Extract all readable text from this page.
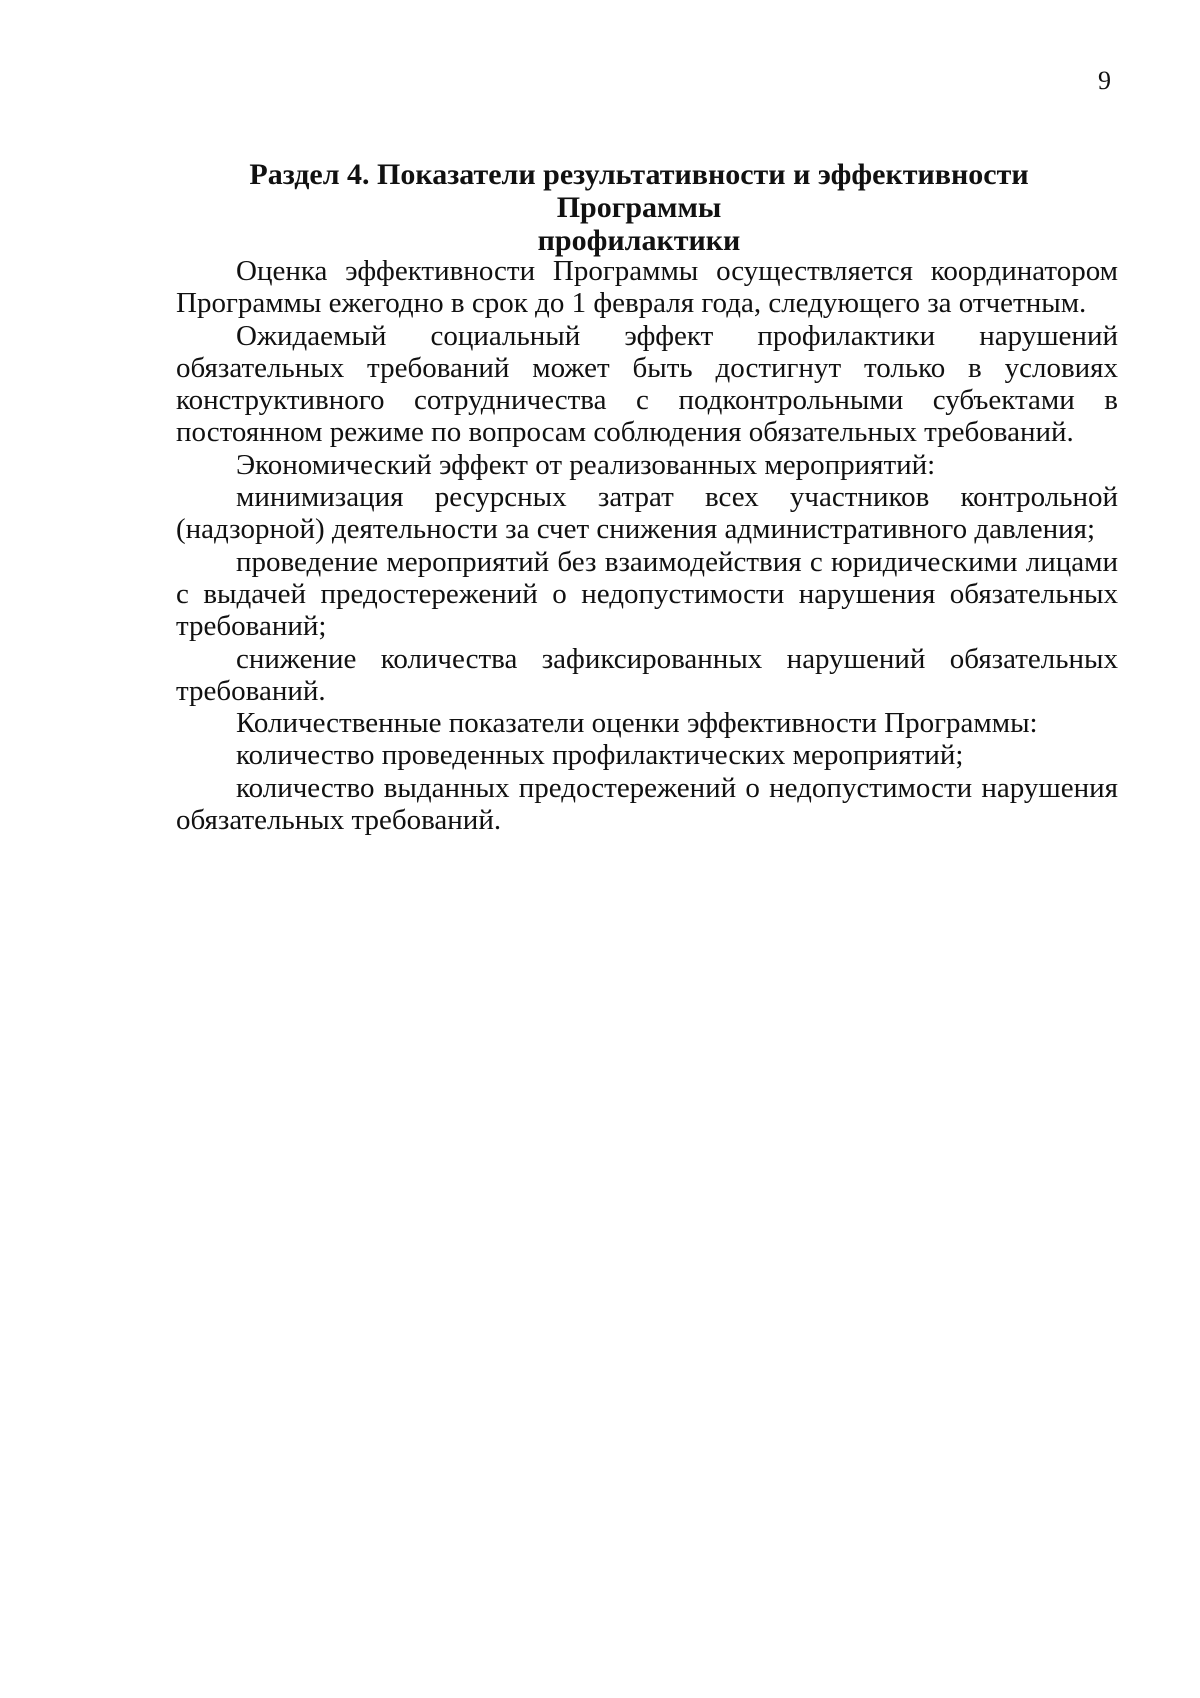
9
Раздел 4. Показатели результативности и эффективности Программы
профилактики

Оценка эффективности Программы осуществляется координатором Программы ежегодно в срок до 1 февраля года, следующего за отчетным.

Ожидаемый социальный эффект профилактики нарушений обязательных требований может быть достигнут только в условиях конструктивного сотрудничества с подконтрольными субъектами в постоянном режиме по вопросам соблюдения обязательных требований.

Экономический эффект от реализованных мероприятий:

минимизация ресурсных затрат всех участников контрольной (надзорной) деятельности за счет снижения административного давления;

проведение мероприятий без взаимодействия с юридическими лицами с выдачей предостережений о недопустимости нарушения обязательных требований;

снижение количества зафиксированных нарушений обязательных требований.

Количественные показатели оценки эффективности Программы:

количество проведенных профилактических мероприятий;

количество выданных предостережений о недопустимости нарушения обязательных требований.
